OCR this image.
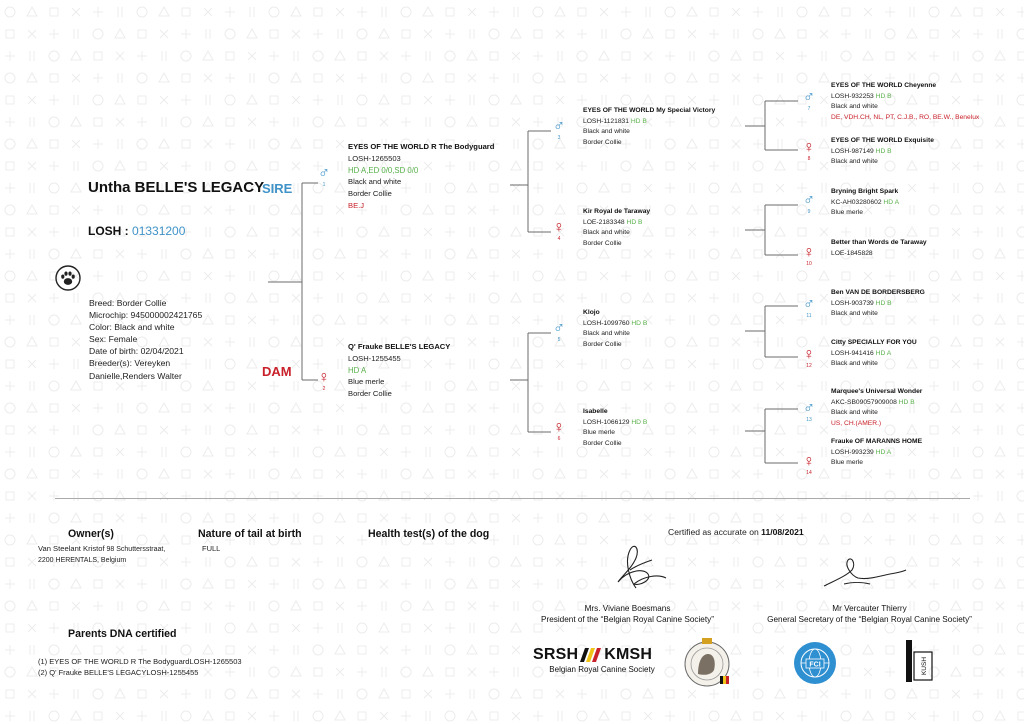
Untha BELLE'S LEGACY
LOSH : 01331200
Breed: Border Collie
Microchip: 945000002421765
Color: Black and white
Sex: Female
Date of birth: 02/04/2021
Breeder(s): Vereyken
Danielle,Renders Walter
SIRE
DAM
♂
1
EYES OF THE WORLD R The Bodyguard
LOSH-1265503
HD A,ED 0/0,SD 0/0
Black and white
Border Collie
BE.J
♀
2
Q' Frauke BELLE'S LEGACY
LOSH-1255455
HD A
Blue merle
Border Collie
♂
3
EYES OF THE WORLD My Special Victory
LOSH-1121831 HD B
Black and white
Border Collie
♀
4
Kir Royal de Taraway
LOE-2183348 HD B
Black and white
Border Collie
♂
5
Klojo
LOSH-1099760 HD B
Black and white
Border Collie
♀
6
Isabelle
LOSH-1066129 HD B
Blue merle
Border Collie
♂
7
EYES OF THE WORLD Cheyenne
LOSH-932253 HD B
Black and white
DE, VDH.CH, NL, PT, C.J.B., RO, BE.W., Benelux
♀
8
EYES OF THE WORLD Exquisite
LOSH-987149 HD B
Black and white
♂
9
Bryning Bright Spark
KC-AH03280602 HD A
Blue merle
♀
10
Better than Words de Taraway
LOE-1845828
♂
11
Ben VAN DE BORDERSBERG
LOSH-903739 HD B
Black and white
♀
12
Citty SPECIALLY FOR YOU
LOSH-941416 HD A
Black and white
♂
13
Marquee's Universal Wonder
AKC-SB09057909008 HD B
Black and white
US, CH.(AMER.)
♀
14
Frauke OF MARANNS HOME
LOSH-993239 HD A
Blue merle
Owner(s)
Van Steelant Kristof 98 Schuttersstraat,
2200 HERENTALS, Belgium
Nature of tail at birth
FULL
Health test(s) of the dog	Certified as accurate on 11/08/2021
Mrs. Viviane Boesmans
President of the “Belgian Royal Canine Society”
Mr Vercauter Thierry
General Secretary of the “Belgian Royal Canine Society”
Parents DNA certified
(1) EYES OF THE WORLD R The BodyguardLOSH-1265503
(2) Q' Frauke BELLE'S LEGACYLOSH-1255455
SRSH KMSH
Belgian Royal Canine Society	FCI	KUSH
